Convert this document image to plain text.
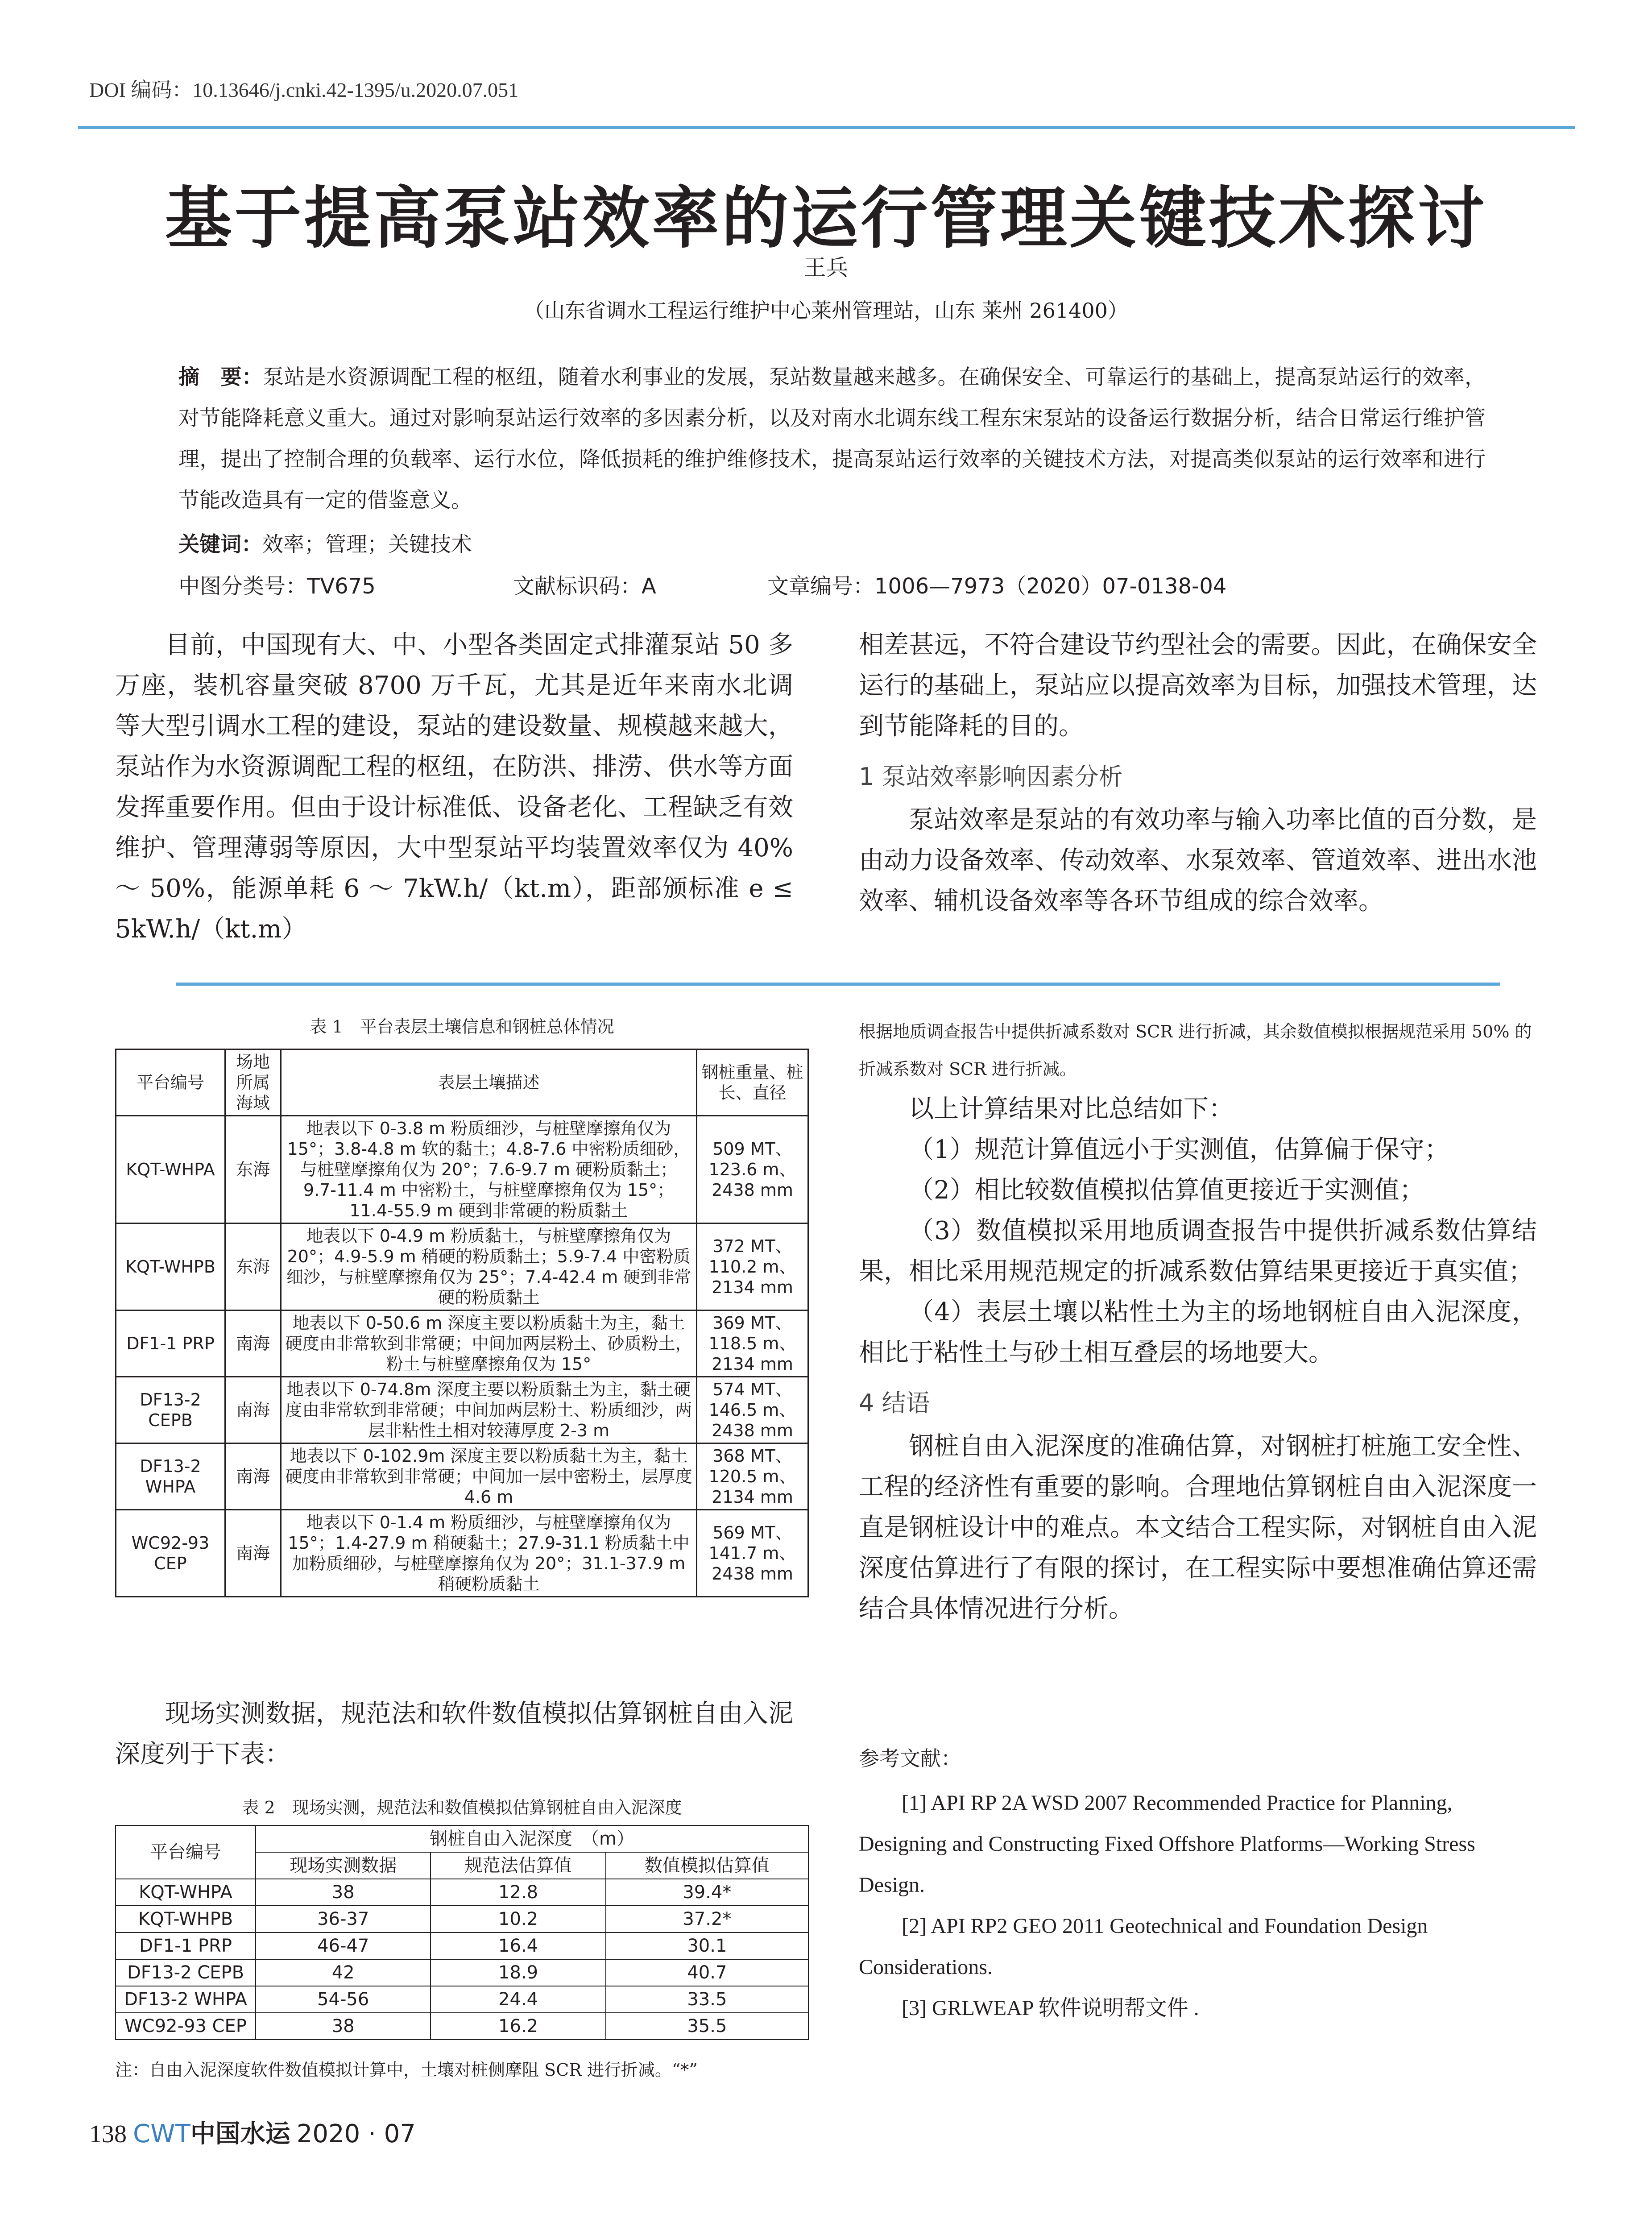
DOI 编码：10.13646/j.cnki.42-1395/u.2020.07.051
基于提高泵站效率的运行管理关键技术探讨
王兵
（山东省调水工程运行维护中心莱州管理站，山东 莱州 261400）
摘　要：泵站是水资源调配工程的枢纽，随着水利事业的发展，泵站数量越来越多。在确保安全、可靠运行的基础上，提高泵站运行的效率，对节能降耗意义重大。通过对影响泵站运行效率的多因素分析，以及对南水北调东线工程东宋泵站的设备运行数据分析，结合日常运行维护管理，提出了控制合理的负载率、运行水位，降低损耗的维护维修技术，提高泵站运行效率的关键技术方法，对提高类似泵站的运行效率和进行节能改造具有一定的借鉴意义。
关键词：效率；管理；关键技术
中图分类号：TV675	文献标识码：A	文章编号：1006—7973（2020）07-0138-04

目前，中国现有大、中、小型各类固定式排灌泵站 50 多万座，装机容量突破 8700 万千瓦，尤其是近年来南水北调等大型引调水工程的建设，泵站的建设数量、规模越来越大，泵站作为水资源调配工程的枢纽，在防洪、排涝、供水等方面发挥重要作用。但由于设计标准低、设备老化、工程缺乏有效维护、管理薄弱等原因，大中型泵站平均装置效率仅为 40% ～ 50%，能源单耗 6 ～ 7kW.h/（kt.m），距部颁标准 e ≤ 5kW.h/（kt.m）

相差甚远，不符合建设节约型社会的需要。因此，在确保安全运行的基础上，泵站应以提高效率为目标，加强技术管理，达到节能降耗的目的。

1 泵站效率影响因素分析

泵站效率是泵站的有效功率与输入功率比值的百分数，是由动力设备效率、传动效率、水泵效率、管道效率、进出水池效率、辅机设备效率等各环节组成的综合效率。

表 1　平台表层土壤信息和钢桩总体情况
平台编号	场地所属海域	表层土壤描述	钢桩重量、桩长、直径
KQT-WHPA	东海	地表以下 0-3.8 m 粉质细沙，与桩壁摩擦角仅为 15°；3.8-4.8 m 软的黏土；4.8-7.6 中密粉质细砂，与桩壁摩擦角仅为 20°；7.6-9.7 m 硬粉质黏土；9.7-11.4 m 中密粉土，与桩壁摩擦角仅为 15°；11.4-55.9 m 硬到非常硬的粉质黏土	509 MT、123.6 m、2438 mm
KQT-WHPB	东海	地表以下 0-4.9 m 粉质黏土，与桩壁摩擦角仅为 20°；4.9-5.9 m 稍硬的粉质黏土；5.9-7.4 中密粉质细沙，与桩壁摩擦角仅为 25°；7.4-42.4 m 硬到非常硬的粉质黏土	372 MT、110.2 m、2134 mm
DF1-1 PRP	南海	地表以下 0-50.6 m 深度主要以粉质黏土为主，黏土硬度由非常软到非常硬；中间加两层粉土、砂质粉土，粉土与桩壁摩擦角仅为 15°	369 MT、118.5 m、2134 mm
DF13-2 CEPB	南海	地表以下 0-74.8m 深度主要以粉质黏土为主，黏土硬度由非常软到非常硬；中间加两层粉土、粉质细沙，两层非粘性土相对较薄厚度 2-3 m	574 MT、146.5 m、2438 mm
DF13-2 WHPA	南海	地表以下 0-102.9m 深度主要以粉质黏土为主，黏土硬度由非常软到非常硬；中间加一层中密粉土，层厚度 4.6 m	368 MT、120.5 m、2134 mm
WC92-93 CEP	南海	地表以下 0-1.4 m 粉质细沙，与桩壁摩擦角仅为 15°；1.4-27.9 m 稍硬黏土；27.9-31.1 粉质黏土中加粉质细砂，与桩壁摩擦角仅为 20°；31.1-37.9 m 稍硬粉质黏土	569 MT、141.7 m、2438 mm

现场实测数据，规范法和软件数值模拟估算钢桩自由入泥深度列于下表：

表 2　现场实测，规范法和数值模拟估算钢桩自由入泥深度
平台编号	钢桩自由入泥深度　（m）		
	现场实测数据	规范法估算值	数值模拟估算值
KQT-WHPA	38	12.8	39.4*
KQT-WHPB	36-37	10.2	37.2*
DF1-1 PRP	46-47	16.4	30.1
DF13-2 CEPB	42	18.9	40.7
DF13-2 WHPA	54-56	24.4	33.5
WC92-93 CEP	38	16.2	35.5
注：自由入泥深度软件数值模拟计算中，土壤对桩侧摩阻 SCR 进行折减。“*”
根据地质调查报告中提供折减系数对 SCR 进行折减，其余数值模拟根据规范采用 50% 的折减系数对 SCR 进行折减。

以上计算结果对比总结如下：

（1）规范计算值远小于实测值，估算偏于保守；

（2）相比较数值模拟估算值更接近于实测值；

（3）数值模拟采用地质调查报告中提供折减系数估算结果，相比采用规范规定的折减系数估算结果更接近于真实值；

（4）表层土壤以粘性土为主的场地钢桩自由入泥深度，相比于粘性土与砂土相互叠层的场地要大。

4 结语

钢桩自由入泥深度的准确估算，对钢桩打桩施工安全性、工程的经济性有重要的影响。合理地估算钢桩自由入泥深度一直是钢桩设计中的难点。本文结合工程实际，对钢桩自由入泥深度估算进行了有限的探讨，在工程实际中要想准确估算还需结合具体情况进行分析。

参考文献：

[1] API RP 2A WSD 2007 Recommended Practice for Planning, Designing and Constructing Fixed Offshore Platforms—Working Stress Design.

[2] API RP2 GEO 2011 Geotechnical and Foundation Design Considerations.

[3] GRLWEAP 软件说明帮文件 .

138 CWT中国水运 2020 · 07
